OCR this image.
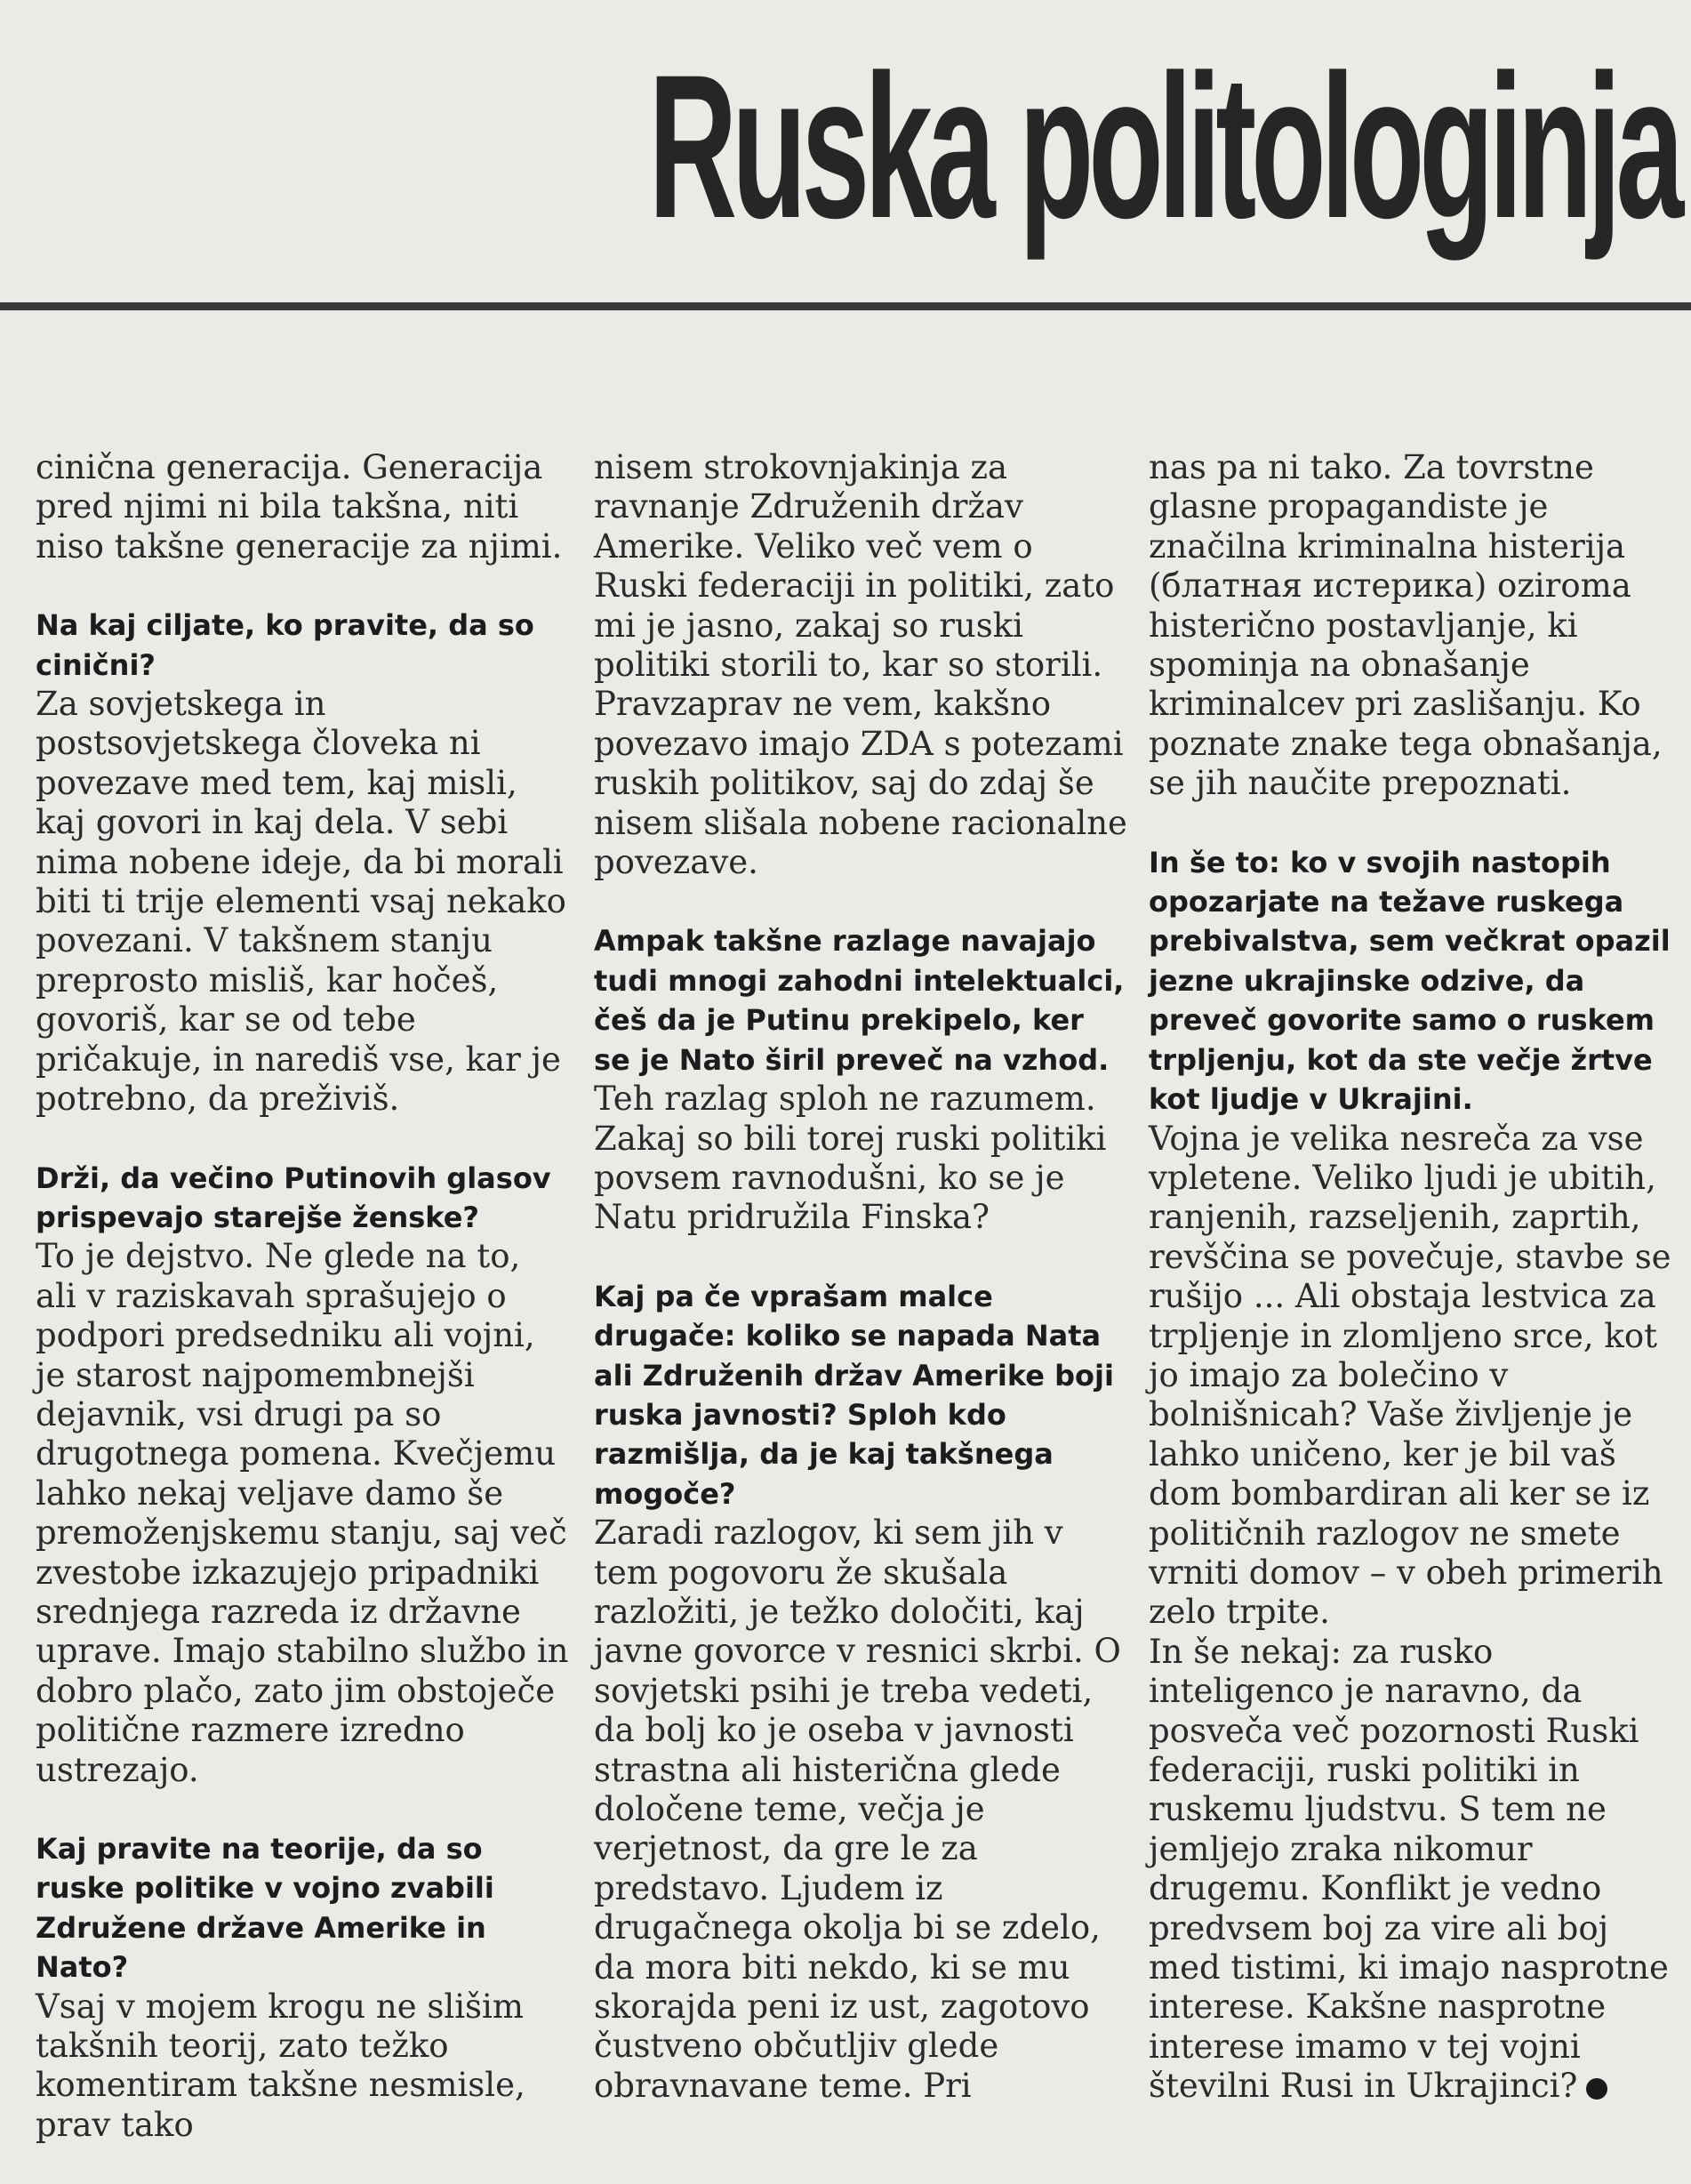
Ruska politologinja

cinična generacija. Generacija pred njimi ni bila takšna, niti niso takšne generacije za njimi.

Na kaj ciljate, ko pravite, da so cinični?
Za sovjetskega in postsovjetskega človeka ni povezave med tem, kaj misli, kaj govori in kaj dela. V sebi nima nobene ideje, da bi morali biti ti trije elementi vsaj nekako povezani. V takšnem stanju preprosto misliš, kar hočeš, govoriš, kar se od tebe pričakuje, in narediš vse, kar je potrebno, da preživiš.

Drži, da večino Putinovih glasov prispevajo starejše ženske?
To je dejstvo. Ne glede na to, ali v raziskavah sprašujejo o podpori predsedniku ali vojni, je starost najpomembnejši dejavnik, vsi drugi pa so drugotnega pomena. Kvečjemu lahko nekaj veljave damo še premoženjskemu stanju, saj več zvestobe izkazujejo pripadniki srednjega razreda iz državne uprave. Imajo stabilno službo in dobro plačo, zato jim obstoječe politične razmere izredno ustrezajo.

Kaj pravite na teorije, da so ruske politike v vojno zvabili Združene države Amerike in Nato?
Vsaj v mojem krogu ne slišim takšnih teorij, zato težko komentiram takšne nesmisle, prav tako

nisem strokovnjakinja za ravnanje Združenih držav Amerike. Veliko več vem o Ruski federaciji in politiki, zato mi je jasno, zakaj so ruski politiki storili to, kar so storili. Pravzaprav ne vem, kakšno povezavo imajo ZDA s potezami ruskih politikov, saj do zdaj še nisem slišala nobene racionalne povezave.

Ampak takšne razlage navajajo tudi mnogi zahodni intelektualci, češ da je Putinu prekipelo, ker se je Nato širil preveč na vzhod.
Teh razlag sploh ne razumem. Zakaj so bili torej ruski politiki povsem ravnodušni, ko se je Natu pridružila Finska?

Kaj pa če vprašam malce drugače: koliko se napada Nata ali Združenih držav Amerike boji ruska javnosti? Sploh kdo razmišlja, da je kaj takšnega mogoče?
Zaradi razlogov, ki sem jih v tem pogovoru že skušala razložiti, je težko določiti, kaj javne govorce v resnici skrbi. O sovjetski psihi je treba vedeti, da bolj ko je oseba v javnosti strastna ali histerična glede določene teme, večja je verjetnost, da gre le za predstavo. Ljudem iz drugačnega okolja bi se zdelo, da mora biti nekdo, ki se mu skorajda peni iz ust, zagotovo čustveno občutljiv glede obravnavane teme. Pri

nas pa ni tako. Za tovrstne glasne propagandiste je značilna kriminalna histerija (блатная истерика) oziroma histerično postavljanje, ki spominja na obnašanje kriminalcev pri zaslišanju. Ko poznate znake tega obnašanja, se jih naučite prepoznati.

In še to: ko v svojih nastopih opozarjate na težave ruskega prebivalstva, sem večkrat opazil jezne ukrajinske odzive, da preveč govorite samo o ruskem trpljenju, kot da ste večje žrtve kot ljudje v Ukrajini.
Vojna je velika nesreča za vse vpletene. Veliko ljudi je ubitih, ranjenih, razseljenih, zaprtih, revščina se povečuje, stavbe se rušijo ... Ali obstaja lestvica za trpljenje in zlomljeno srce, kot jo imajo za bolečino v bolnišnicah? Vaše življenje je lahko uničeno, ker je bil vaš dom bombardiran ali ker se iz političnih razlogov ne smete vrniti domov – v obeh primerih zelo trpite.

In še nekaj: za rusko inteligenco je naravno, da posveča več pozornosti Ruski federaciji, ruski politiki in ruskemu ljudstvu. S tem ne jemljejo zraka nikomur drugemu. Konflikt je vedno predvsem boj za vire ali boj med tistimi, ki imajo nasprotne interese. Kakšne nasprotne interese imamo v tej vojni številni Rusi in Ukrajinci?
